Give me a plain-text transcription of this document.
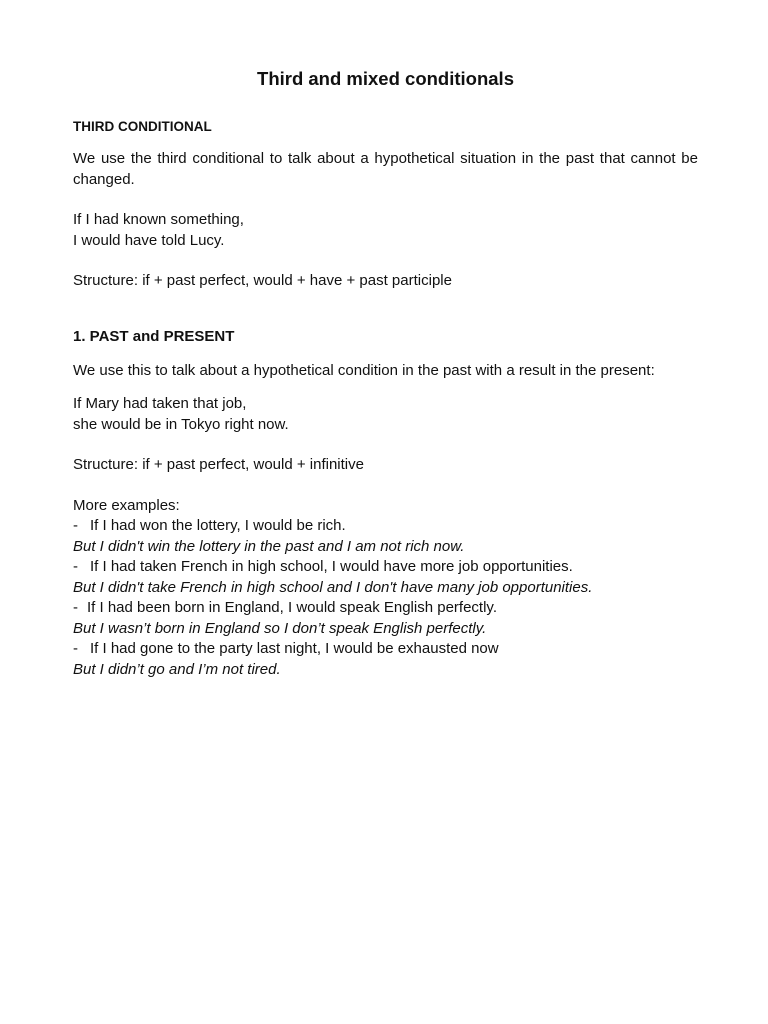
Third and mixed conditionals

THIRD CONDITIONAL

We use the third conditional to talk about a hypothetical situation in the past that cannot be changed.

If I had known something,

I would have told Lucy.

Structure: if + past perfect, would + have + past participle

1. PAST and PRESENT

We use this to talk about a hypothetical condition in the past with a result in the present:

If Mary had taken that job,

she would be in Tokyo right now.

Structure: if + past perfect, would + infinitive

More examples:

- If I had won the lottery, I would be rich.

But I didn't win the lottery in the past and I am not rich now.

- If I had taken French in high school, I would have more job opportunities.

But I didn't take French in high school and I don't have many job opportunities.

- If I had been born in England, I would speak English perfectly.

But I wasn’t born in England so I don’t speak English perfectly.

- If I had gone to the party last night, I would be exhausted now

But I didn’t go and I’m not tired.
